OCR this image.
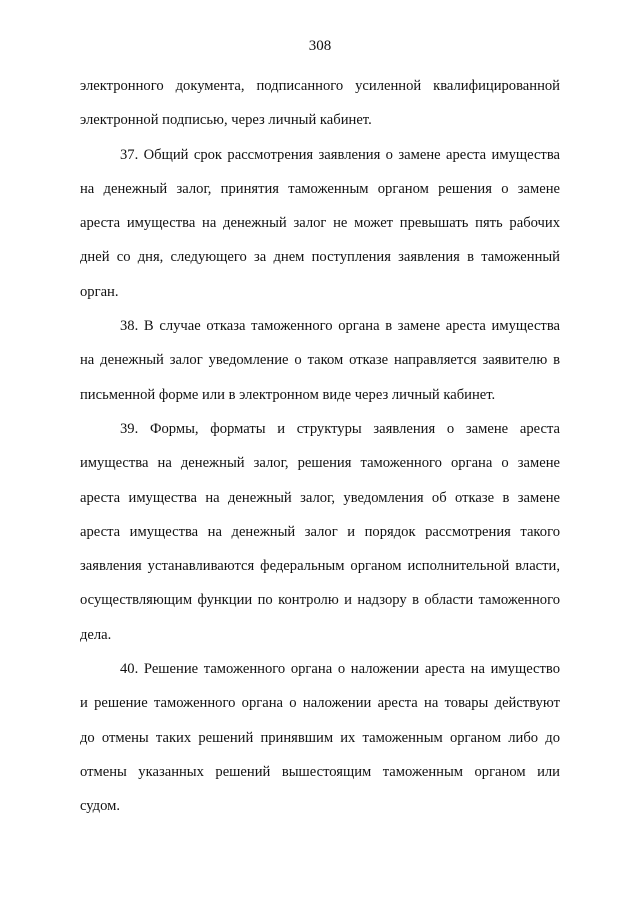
308
электронного документа, подписанного усиленной квалифицированной
электронной подписью, через личный кабинет.
37. Общий срок рассмотрения заявления о замене ареста имущества
на денежный залог, принятия таможенным органом решения о замене
ареста имущества на денежный залог не может превышать пять рабочих
дней со дня, следующего за днем поступления заявления в таможенный
орган.
38. В случае отказа таможенного органа в замене ареста имущества
на денежный залог уведомление о таком отказе направляется заявителю в
письменной форме или в электронном виде через личный кабинет.
39. Формы, форматы и структуры заявления о замене ареста
имущества на денежный залог, решения таможенного органа о замене
ареста имущества на денежный залог, уведомления об отказе в замене
ареста имущества на денежный залог и порядок рассмотрения такого
заявления устанавливаются федеральным органом исполнительной власти,
осуществляющим функции по контролю и надзору в области таможенного
дела.
40. Решение таможенного органа о наложении ареста на имущество
и решение таможенного органа о наложении ареста на товары действуют
до отмены таких решений принявшим их таможенным органом либо до
отмены указанных решений вышестоящим таможенным органом или
судом.
